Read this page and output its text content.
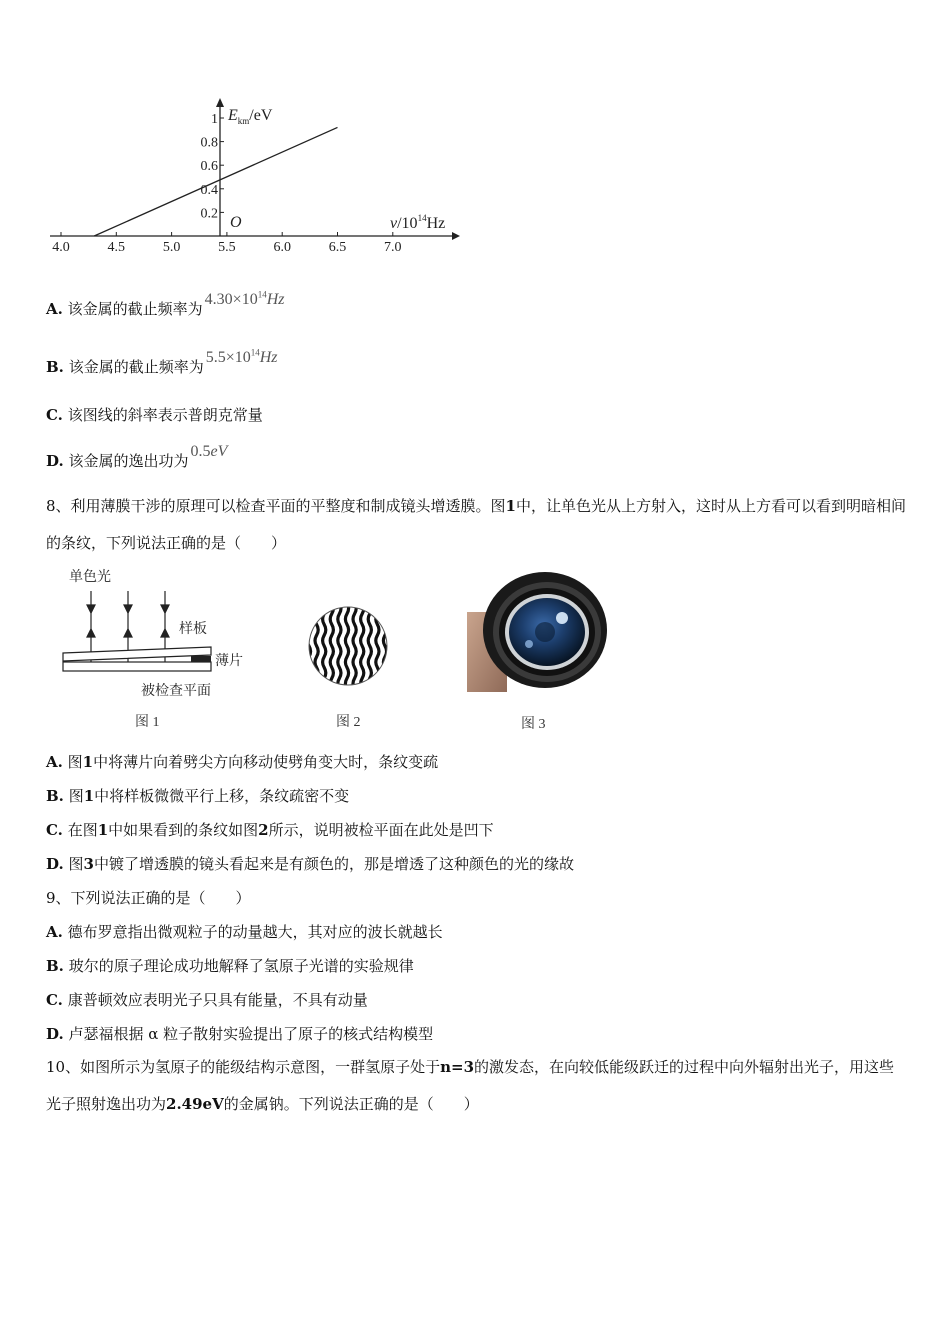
4.0	4.5	5.0	5.5	6.0	6.5	7.0
1
0.8
0.6
0.4
0.2
O
$E_{km}/eV$
$\nu/10^{14}Hz$
A. 该金属的截止频率为$4.30\times 10^{14}Hz$
B. 该金属的截止频率为$5.5\times 10^{14}Hz$
C. 该图线的斜率表示普朗克常量
D. 该金属的逸出功为0.5eV
8、利用薄膜干涉的原理可以检查平面的平整度和制成镜头增透膜。图1中，让单色光从上方射入，这时从上方看可以看到明暗相间的条纹，下列说法正确的是（　　）
单色光
样板
薄片
被检查平面
图 1	图 2	图 3
A. 图1中将薄片向着劈尖方向移动使劈角变大时，条纹变疏
B. 图1中将样板微微平行上移，条纹疏密不变
C. 在图1中如果看到的条纹如图2所示，说明被检平面在此处是凹下
D. 图3中镀了增透膜的镜头看起来是有颜色的，那是增透了这种颜色的光的缘故
9、下列说法正确的是（　　）
A. 德布罗意指出微观粒子的动量越大，其对应的波长就越长
B. 玻尔的原子理论成功地解释了氢原子光谱的实验规律
C. 康普顿效应表明光子只具有能量，不具有动量
D. 卢瑟福根据 α 粒子散射实验提出了原子的核式结构模型
10、如图所示为氢原子的能级结构示意图，一群氢原子处于n=3的激发态，在向较低能级跃迁的过程中向外辐射出光子，用这些光子照射逸出功为2.49eV的金属钠。下列说法正确的是（　　）
